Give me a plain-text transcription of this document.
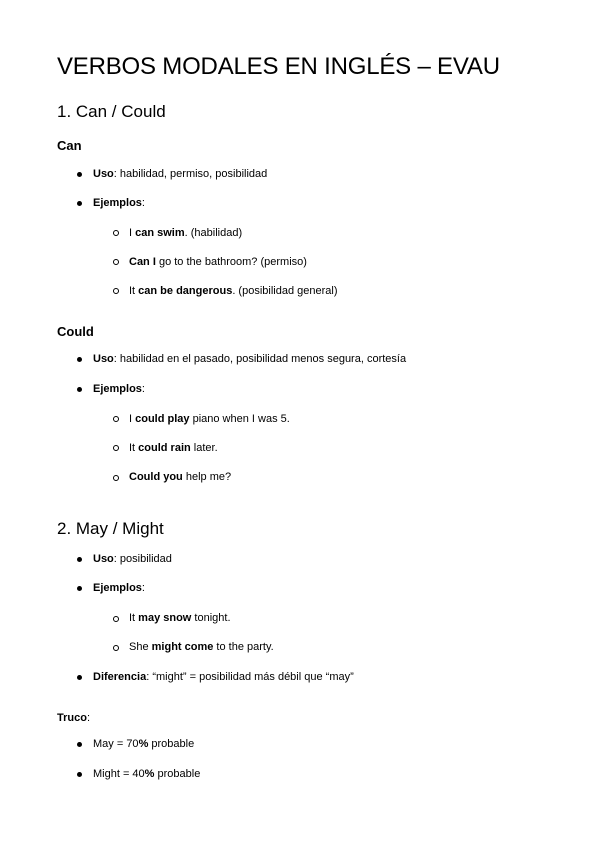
VERBOS MODALES EN INGLÉS – EVAU
1. Can / Could
Can
Uso: habilidad, permiso, posibilidad
Ejemplos:
I can swim. (habilidad)
Can I go to the bathroom? (permiso)
It can be dangerous. (posibilidad general)
Could
Uso: habilidad en el pasado, posibilidad menos segura, cortesía
Ejemplos:
I could play piano when I was 5.
It could rain later.
Could you help me?
2. May / Might
Uso: posibilidad
Ejemplos:
It may snow tonight.
She might come to the party.
Diferencia: “might” = posibilidad más débil que “may”
Truco:
May = 70% probable
Might = 40% probable
